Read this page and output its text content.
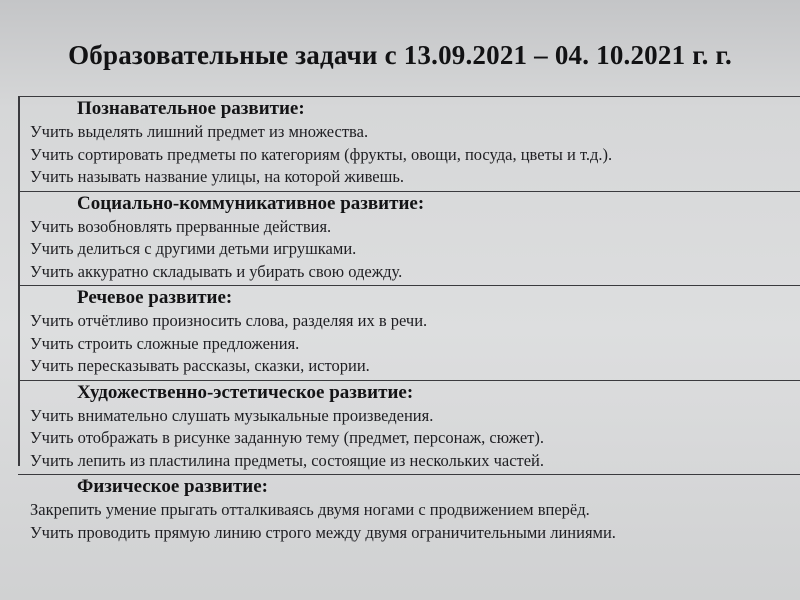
Образовательные задачи с 13.09.2021 – 04. 10.2021 г. г.
Познавательное развитие:
Учить выделять лишний предмет из множества.
Учить сортировать предметы по категориям (фрукты, овощи, посуда, цветы и т.д.).
Учить называть название улицы, на которой живешь.
Социально-коммуникативное развитие:
Учить возобновлять прерванные действия.
Учить делиться с другими детьми игрушками.
Учить аккуратно складывать и убирать свою одежду.
Речевое развитие:
Учить отчётливо произносить слова, разделяя их в речи.
Учить строить сложные предложения.
Учить пересказывать рассказы, сказки, истории.
Художественно-эстетическое развитие:
Учить внимательно слушать музыкальные произведения.
Учить отображать в рисунке заданную тему (предмет, персонаж, сюжет).
Учить лепить из пластилина предметы, состоящие из нескольких частей.
Физическое развитие:
Закрепить умение прыгать отталкиваясь двумя ногами с продвижением вперёд.
Учить проводить прямую линию строго между двумя ограничительными линиями.
